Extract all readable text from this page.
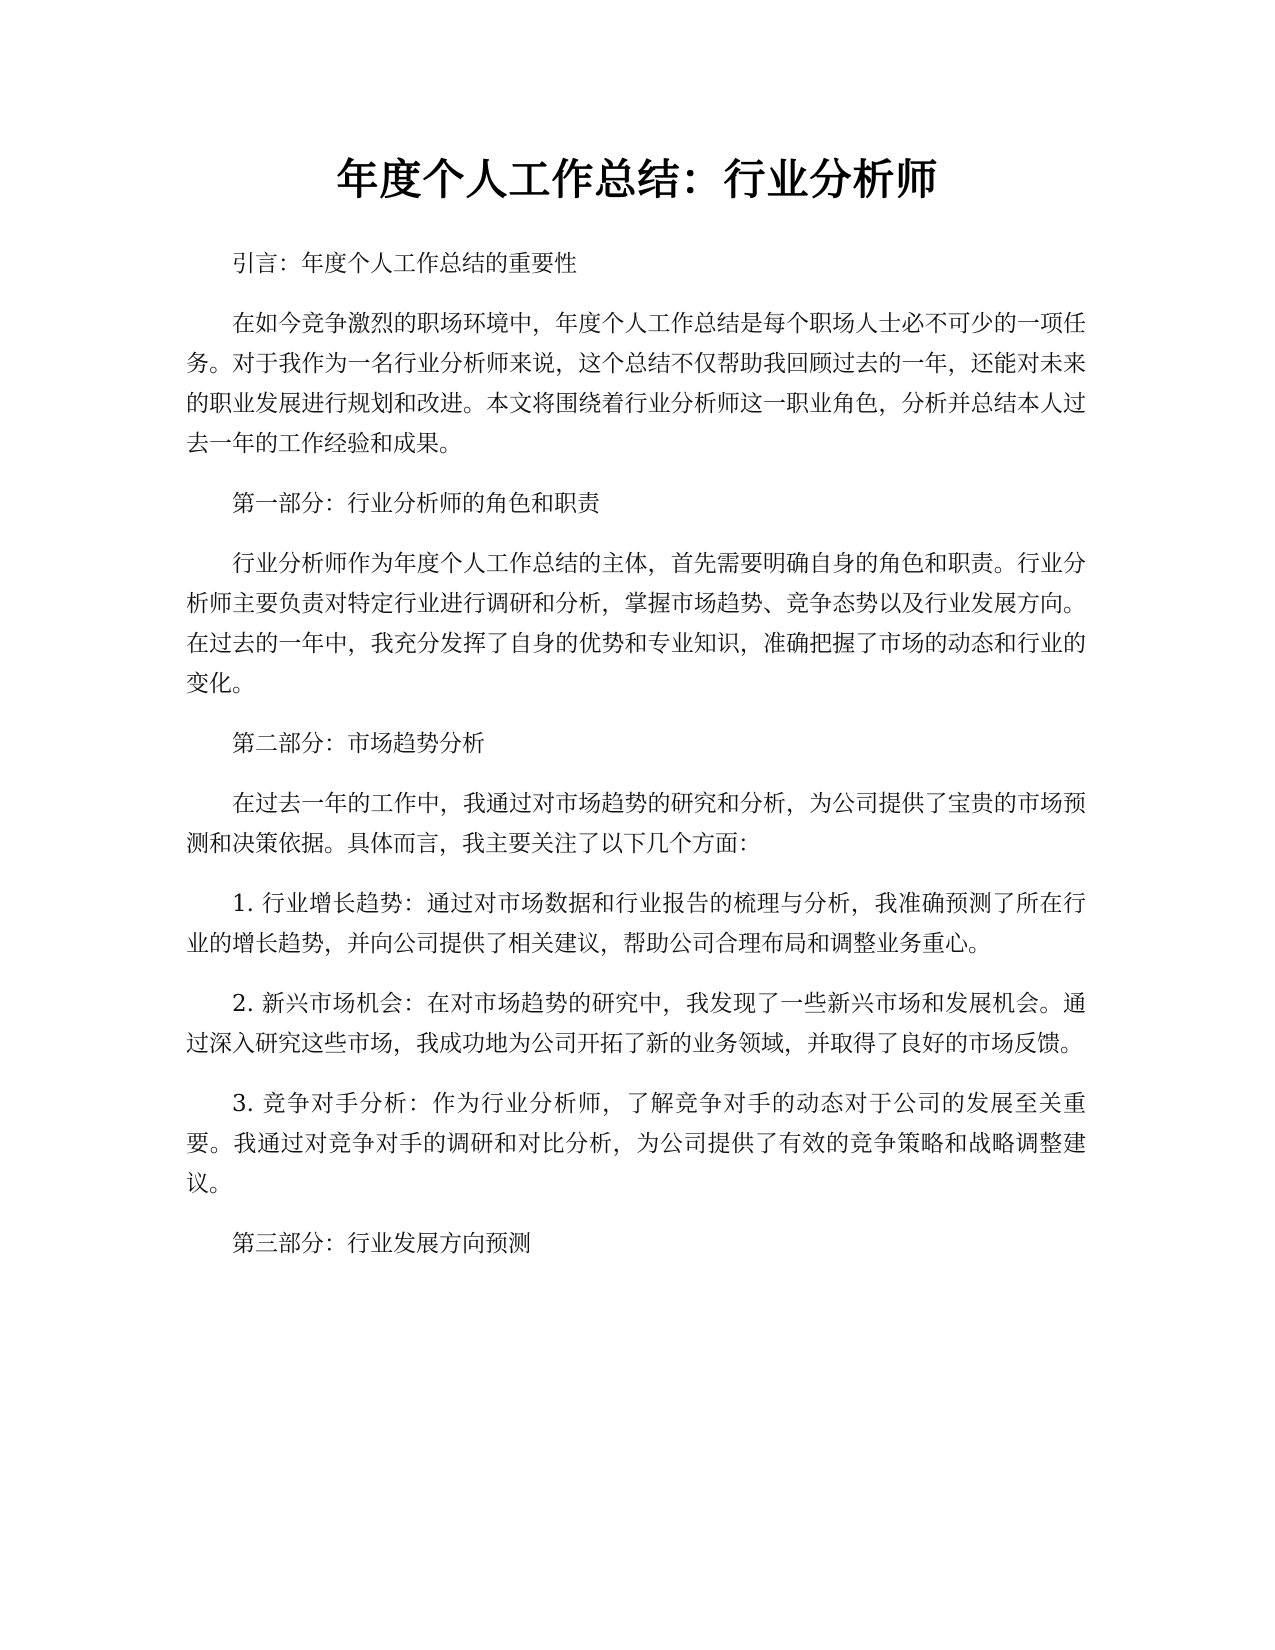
年度个人工作总结：行业分析师

引言：年度个人工作总结的重要性

在如今竞争激烈的职场环境中，年度个人工作总结是每个职场人士必不可少的一项任务。对于我作为一名行业分析师来说，这个总结不仅帮助我回顾过去的一年，还能对未来的职业发展进行规划和改进。本文将围绕着行业分析师这一职业角色，分析并总结本人过去一年的工作经验和成果。

第一部分：行业分析师的角色和职责

行业分析师作为年度个人工作总结的主体，首先需要明确自身的角色和职责。行业分析师主要负责对特定行业进行调研和分析，掌握市场趋势、竞争态势以及行业发展方向。在过去的一年中，我充分发挥了自身的优势和专业知识，准确把握了市场的动态和行业的变化。

第二部分：市场趋势分析

在过去一年的工作中，我通过对市场趋势的研究和分析，为公司提供了宝贵的市场预测和决策依据。具体而言，我主要关注了以下几个方面：

1. 行业增长趋势：通过对市场数据和行业报告的梳理与分析，我准确预测了所在行业的增长趋势，并向公司提供了相关建议，帮助公司合理布局和调整业务重心。

2. 新兴市场机会：在对市场趋势的研究中，我发现了一些新兴市场和发展机会。通过深入研究这些市场，我成功地为公司开拓了新的业务领域，并取得了良好的市场反馈。

3. 竞争对手分析：作为行业分析师，了解竞争对手的动态对于公司的发展至关重要。我通过对竞争对手的调研和对比分析，为公司提供了有效的竞争策略和战略调整建议。

第三部分：行业发展方向预测
